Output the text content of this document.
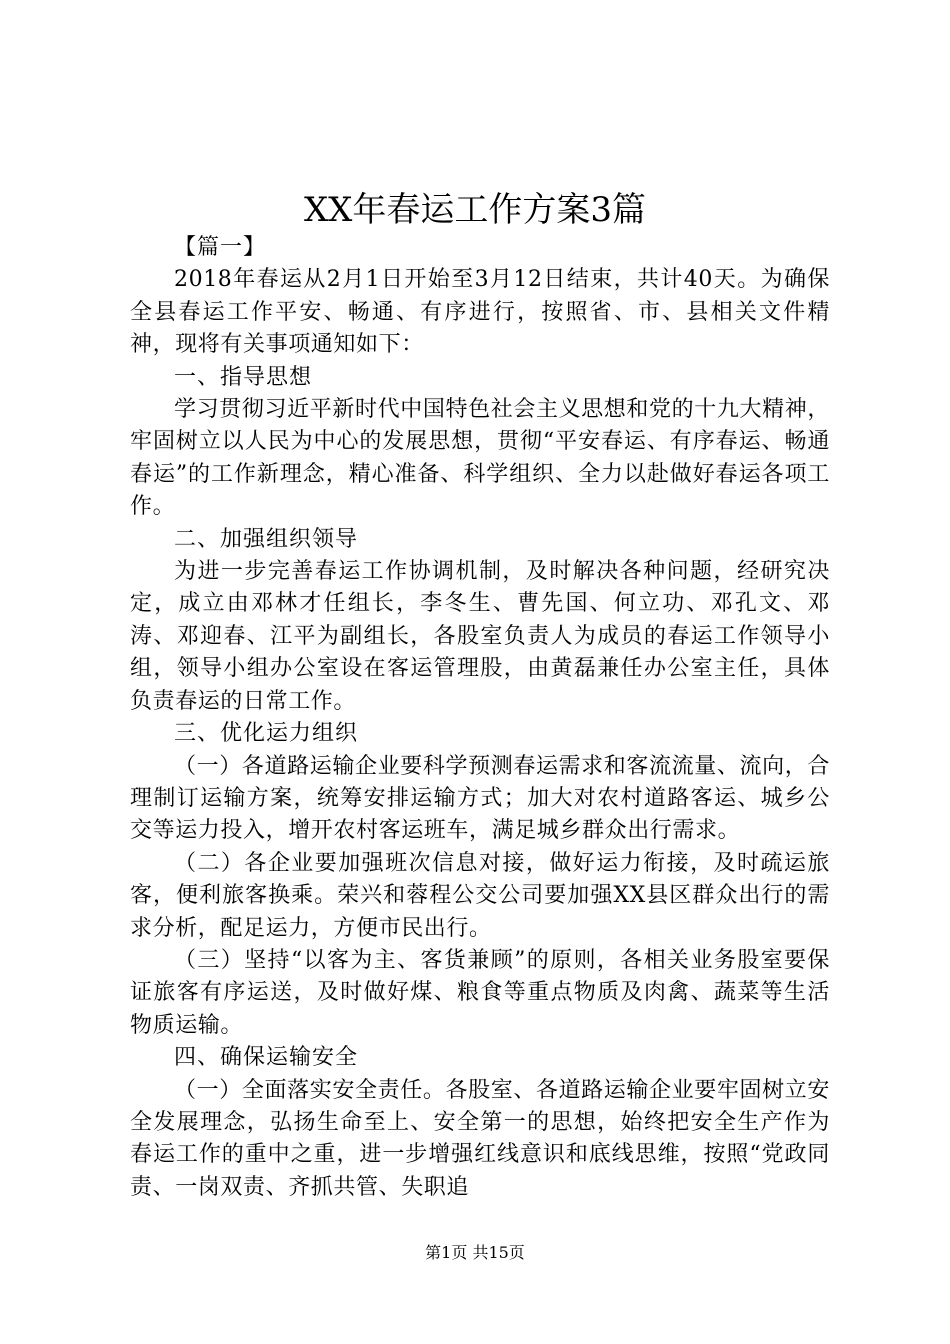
XX年春运工作方案3篇

【篇一】

2018年春运从2月1日开始至3月12日结束，共计40天。为确保全县春运工作平安、畅通、有序进行，按照省、市、县相关文件精神，现将有关事项通知如下：

一、指导思想

学习贯彻习近平新时代中国特色社会主义思想和党的十九大精神，牢固树立以人民为中心的发展思想，贯彻“平安春运、有序春运、畅通春运”的工作新理念，精心准备、科学组织、全力以赴做好春运各项工作。

二、加强组织领导

为进一步完善春运工作协调机制，及时解决各种问题，经研究决定，成立由邓林才任组长，李冬生、曹先国、何立功、邓孔文、邓涛、邓迎春、江平为副组长，各股室负责人为成员的春运工作领导小组，领导小组办公室设在客运管理股，由黄磊兼任办公室主任，具体负责春运的日常工作。

三、优化运力组织

（一）各道路运输企业要科学预测春运需求和客流流量、流向，合理制订运输方案，统筹安排运输方式；加大对农村道路客运、城乡公交等运力投入，增开农村客运班车，满足城乡群众出行需求。

（二）各企业要加强班次信息对接，做好运力衔接，及时疏运旅客，便利旅客换乘。荣兴和蓉程公交公司要加强XX县区群众出行的需求分析，配足运力，方便市民出行。

（三）坚持“以客为主、客货兼顾”的原则，各相关业务股室要保证旅客有序运送，及时做好煤、粮食等重点物质及肉禽、蔬菜等生活物质运输。

四、确保运输安全

（一）全面落实安全责任。各股室、各道路运输企业要牢固树立安全发展理念，弘扬生命至上、安全第一的思想，始终把安全生产作为春运工作的重中之重，进一步增强红线意识和底线思维，按照“党政同责、一岗双责、齐抓共管、失职追

第1页 共15页
